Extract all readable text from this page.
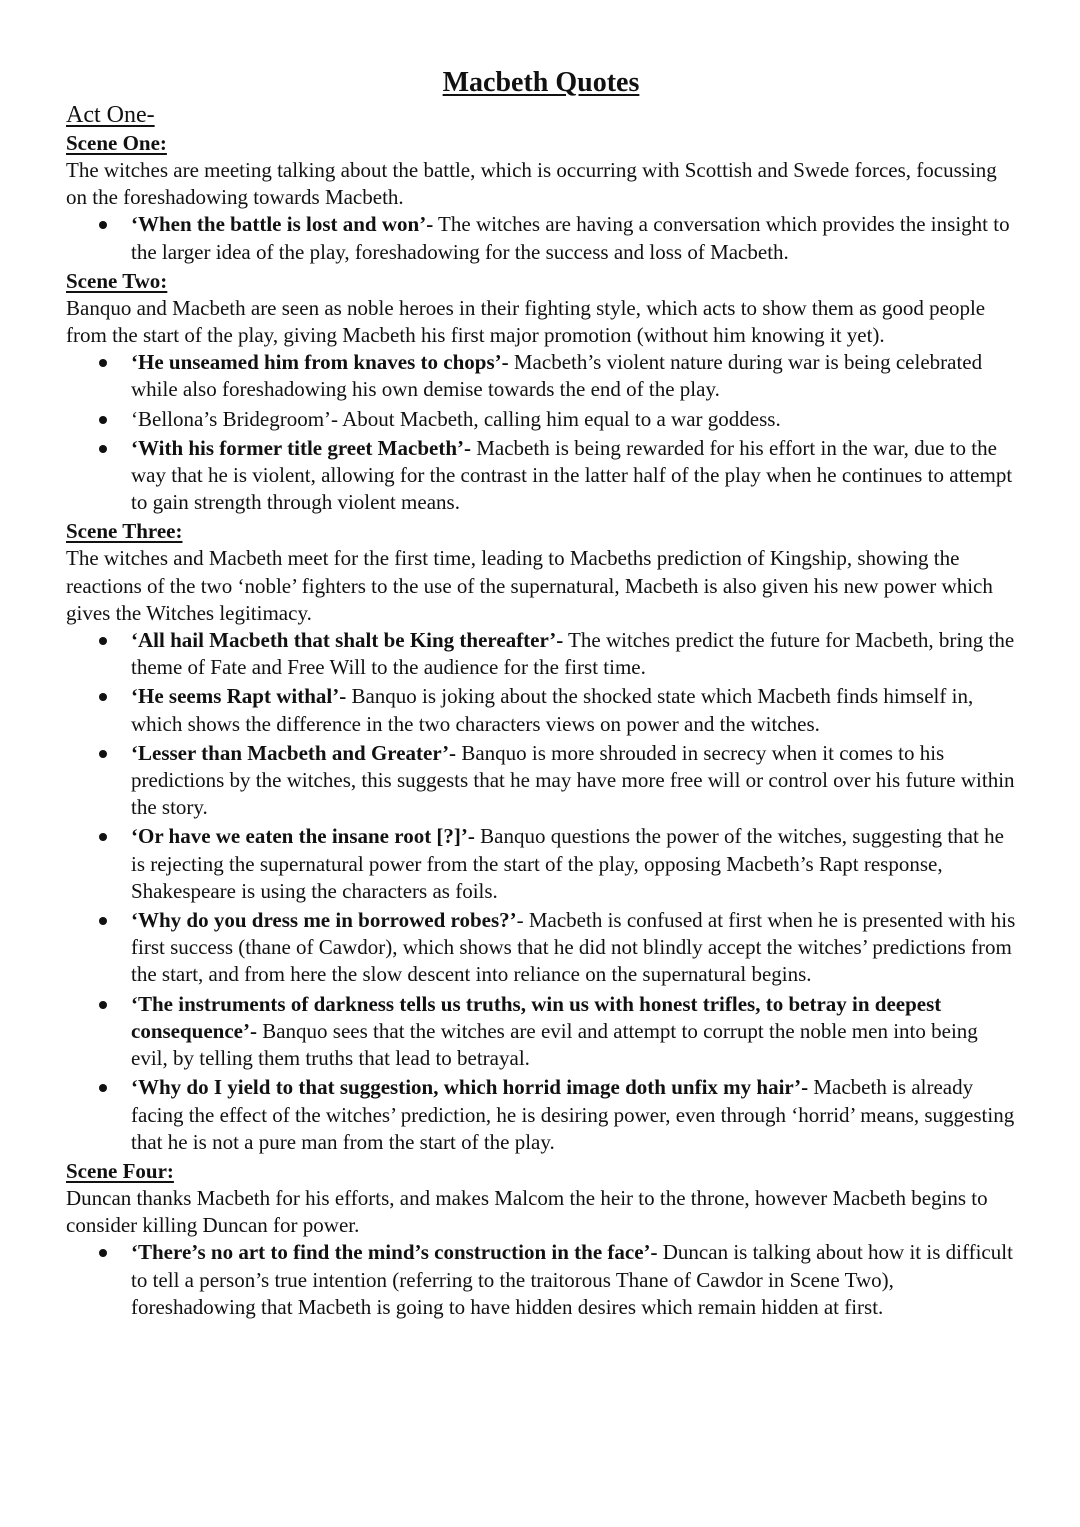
Macbeth Quotes
Act One-
Scene One:

The witches are meeting talking about the battle, which is occurring with Scottish and Swede forces, focussing on the foreshadowing towards Macbeth.

‘When the battle is lost and won’- The witches are having a conversation which provides the insight to the larger idea of the play, foreshadowing for the success and loss of Macbeth.
Scene Two:

Banquo and Macbeth are seen as noble heroes in their fighting style, which acts to show them as good people from the start of the play, giving Macbeth his first major promotion (without him knowing it yet).

‘He unseamed him from knaves to chops’- Macbeth’s violent nature during war is being celebrated while also foreshadowing his own demise towards the end of the play.
‘Bellona’s Bridegroom’- About Macbeth, calling him equal to a war goddess.
‘With his former title greet Macbeth’- Macbeth is being rewarded for his effort in the war, due to the way that he is violent, allowing for the contrast in the latter half of the play when he continues to attempt to gain strength through violent means.
Scene Three:

The witches and Macbeth meet for the first time, leading to Macbeths prediction of Kingship, showing the reactions of the two ‘noble’ fighters to the use of the supernatural, Macbeth is also given his new power which gives the Witches legitimacy.

‘All hail Macbeth that shalt be King thereafter’- The witches predict the future for Macbeth, bring the theme of Fate and Free Will to the audience for the first time.
‘He seems Rapt withal’- Banquo is joking about the shocked state which Macbeth finds himself in, which shows the difference in the two characters views on power and the witches.
‘Lesser than Macbeth and Greater’- Banquo is more shrouded in secrecy when it comes to his predictions by the witches, this suggests that he may have more free will or control over his future within the story.
‘Or have we eaten the insane root [?]’- Banquo questions the power of the witches, suggesting that he is rejecting the supernatural power from the start of the play, opposing Macbeth’s Rapt response, Shakespeare is using the characters as foils.
‘Why do you dress me in borrowed robes?’- Macbeth is confused at first when he is presented with his first success (thane of Cawdor), which shows that he did not blindly accept the witches’ predictions from the start, and from here the slow descent into reliance on the supernatural begins.
‘The instruments of darkness tells us truths, win us with honest trifles, to betray in deepest consequence’- Banquo sees that the witches are evil and attempt to corrupt the noble men into being evil, by telling them truths that lead to betrayal.
‘Why do I yield to that suggestion, which horrid image doth unfix my hair’- Macbeth is already facing the effect of the witches’ prediction, he is desiring power, even through ‘horrid’ means, suggesting that he is not a pure man from the start of the play.
Scene Four:

Duncan thanks Macbeth for his efforts, and makes Malcom the heir to the throne, however Macbeth begins to consider killing Duncan for power.

‘There’s no art to find the mind’s construction in the face’- Duncan is talking about how it is difficult to tell a person’s true intention (referring to the traitorous Thane of Cawdor in Scene Two), foreshadowing that Macbeth is going to have hidden desires which remain hidden at first.
